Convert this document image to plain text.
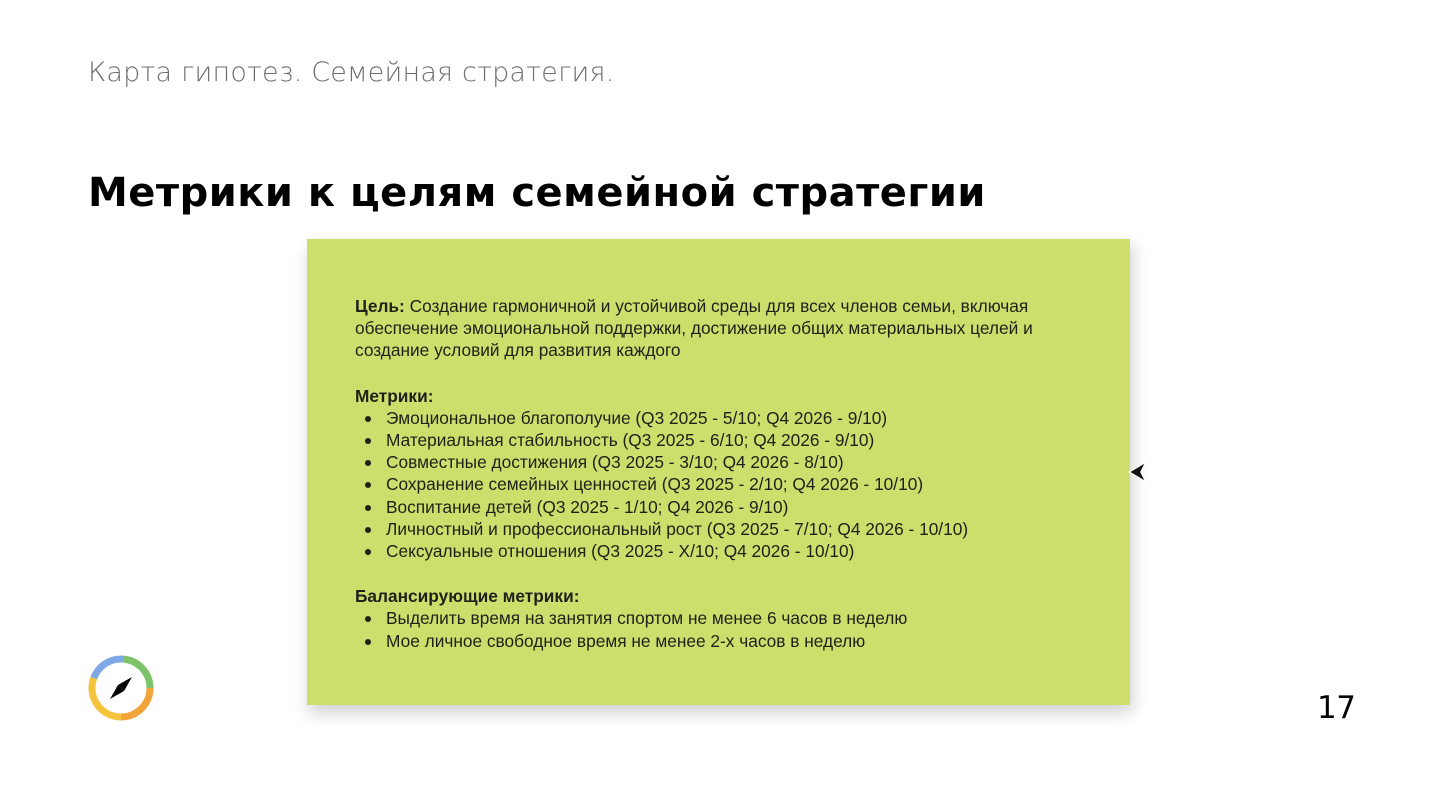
Карта гипотез. Семейная стратегия.
Метрики к целям семейной стратегии

Цель: Создание гармоничной и устойчивой среды для всех членов семьи, включая обеспечение эмоциональной поддержки, достижение общих материальных целей и создание условий для развития каждого

Метрики:
Эмоциональное благополучие (Q3 2025 - 5/10; Q4 2026 - 9/10)
Материальная стабильность (Q3 2025 - 6/10; Q4 2026 - 9/10)
Совместные достижения (Q3 2025 - 3/10; Q4 2026 - 8/10)
Сохранение семейных ценностей (Q3 2025 - 2/10; Q4 2026 - 10/10)
Воспитание детей (Q3 2025 - 1/10; Q4 2026 - 9/10)
Личностный и профессиональный рост (Q3 2025 - 7/10; Q4 2026 - 10/10)
Сексуальные отношения (Q3 2025 - X/10; Q4 2026 - 10/10)
Балансирующие метрики:
Выделить время на занятия спортом не менее 6 часов в неделю
Мое личное свободное время не менее 2-х часов в неделю
17
